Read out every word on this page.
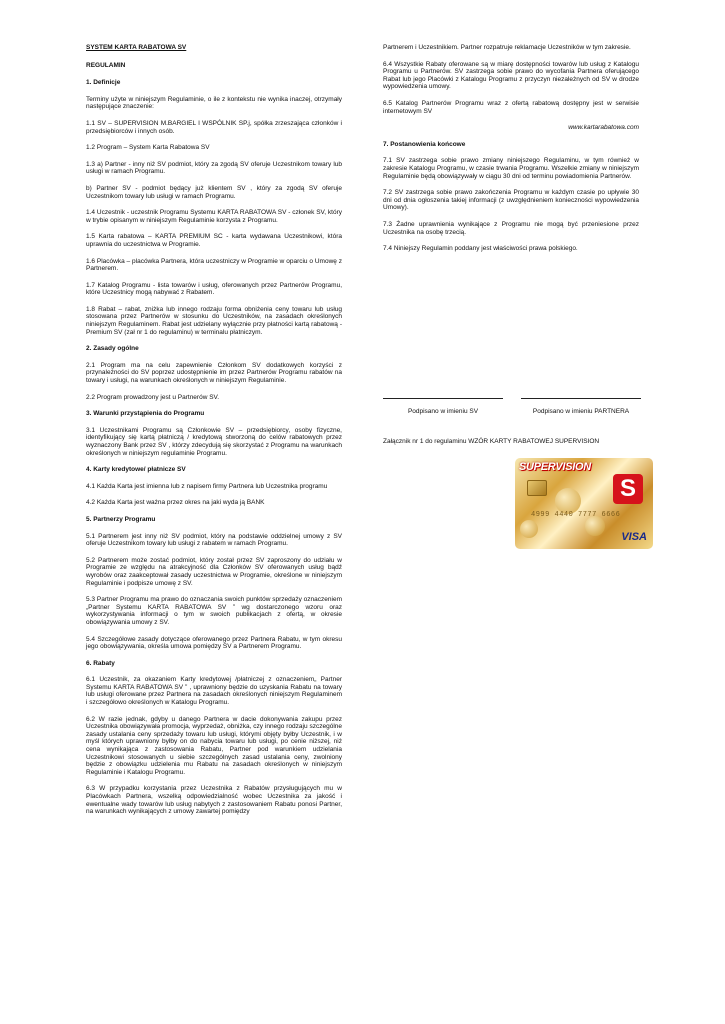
SYSTEM KARTA RABATOWA SV

REGULAMIN

1. Definicje

Terminy użyte w niniejszym Regulaminie, o ile z kontekstu nie wynika inaczej, otrzymały następujące znaczenie:

1.1 SV – SUPERVISION M.BARGIEL I WSPÓLNIK SP.j, spółka zrzeszająca członków i przedsiębiorców i innych osób.

1.2 Program – System Karta Rabatowa SV

1.3 a) Partner - inny niż SV podmiot, który za zgodą SV oferuje Uczestnikom towary lub usługi w ramach Programu.

b) Partner SV - podmiot będący już klientem SV , który za zgodą SV oferuje Uczestnikom towary lub usługi w ramach Programu.

1.4 Uczestnik - uczestnik Programu Systemu KARTA RABATOWA SV - członek SV, który w trybie opisanym w niniejszym Regulaminie korzysta z Programu.

1.5 Karta rabatowa – KARTA PREMIUM SC - karta wydawana Uczestnikowi, która uprawnia do uczestnictwa w Programie.

1.6 Placówka – placówka Partnera, która uczestniczy w Programie w oparciu o Umowę z Partnerem.

1.7 Katalog Programu - lista towarów i usług, oferowanych przez Partnerów Programu, które Uczestnicy mogą nabywać z Rabatem.

1.8 Rabat – rabat, zniżka lub innego rodzaju forma obniżenia ceny towaru lub usług stosowana przez Partnerów w stosunku do Uczestników, na zasadach określonych niniejszym Regulaminem. Rabat jest udzielany wyłącznie przy płatności kartą rabatową - Premium SV (zał nr 1 do regulaminu) w terminalu płatniczym.

2. Zasady ogólne

2.1 Program ma na celu zapewnienie Członkom SV dodatkowych korzyści z przynależności do SV poprzez udostępnienie im przez Partnerów Programu rabatów na towary i usługi, na warunkach określonych w niniejszym Regulaminie.

2.2 Program prowadzony jest u Partnerów SV.

3. Warunki przystąpienia do Programu

3.1 Uczestnikami Programu są Członkowie SV – przedsiębiorcy, osoby fizyczne, identyfikujący się kartą płatniczą / kredytową stworzoną do celów rabatowych przez wyznaczony Bank przez SV , którzy zdecydują się skorzystać z Programu na warunkach określonych w niniejszym regulaminie Programu.

4. Karty kredytowe/ płatnicze SV

4.1 Każda Karta jest imienna lub z napisem firmy Partnera lub Uczestnika programu

4.2 Każda Karta jest ważna przez okres na jaki wyda ją BANK

5. Partnerzy Programu

5.1 Partnerem jest inny niż SV podmiot, który na podstawie oddzielnej umowy z SV oferuje Uczestnikom towary lub usługi z rabatem w ramach Programu.

5.2 Partnerem może zostać podmiot, który został przez SV zaproszony do udziału w Programie ze względu na atrakcyjność dla Członków SV oferowanych usług bądź wyrobów oraz zaakceptował zasady uczestnictwa w Programie, określone w niniejszym Regulaminie i podpisze umowę z SV.

5.3 Partner Programu ma prawo do oznaczania swoich punktów sprzedaży oznaczeniem „Partner Systemu KARTA RABATOWA SV ” wg dostarczonego wzoru oraz wykorzystywania informacji o tym w swoich publikacjach z ofertą, w okresie obowiązywania umowy z SV.

5.4 Szczegółowe zasady dotyczące oferowanego przez Partnera Rabatu, w tym okresu jego obowiązywania, określa umowa pomiędzy SV a Partnerem Programu.

6. Rabaty

6.1 Uczestnik, za okazaniem Karty kredytowej /płatniczej z oznaczeniem„ Partner Systemu KARTA RABATOWA SV ” , uprawniony będzie do uzyskania Rabatu na towary lub usługi oferowane przez Partnera na zasadach określonych niniejszym Regulaminem i szczegółowo określonych w Katalogu Programu.

6.2 W razie jednak, gdyby u danego Partnera w dacie dokonywania zakupu przez Uczestnika obowiązywała promocja, wyprzedaż, obniżka, czy innego rodzaju szczególne zasady ustalania ceny sprzedaży towaru lub usługi, którymi objęty byłby Uczestnik, i w myśl których uprawniony byłby on do nabycia towaru lub usługi, po cenie niższej, niż cena wynikająca z zastosowania Rabatu, Partner pod warunkiem udzielania Uczestnikowi stosowanych u siebie szczególnych zasad ustalania ceny, zwolniony będzie z obowiązku udzielenia mu Rabatu na zasadach określonych w niniejszym Regulaminie i Katalogu Programu.

6.3 W przypadku korzystania przez Uczestnika z Rabatów przysługujących mu w Placówkach Partnera, wszelką odpowiedzialność wobec Uczestnika za jakość i ewentualne wady towarów lub usług nabytych z zastosowaniem Rabatu ponosi Partner, na warunkach wynikających z umowy zawartej pomiędzy

Partnerem i Uczestnikiem. Partner rozpatruje reklamacje Uczestników w tym zakresie.

6.4 Wszystkie Rabaty oferowane są w miarę dostępności towarów lub usług z Katalogu Programu u Partnerów. SV zastrzega sobie prawo do wycofania Partnera oferującego Rabat lub jego Placówki z Katalogu Programu z przyczyn niezależnych od SV w drodze wypowiedzenia umowy.

6.5 Katalog Partnerów Programu wraz z ofertą rabatową dostępny jest w serwisie internetowym SV

www.kartarabatowa.com

7. Postanowienia końcowe

7.1 SV zastrzega sobie prawo zmiany niniejszego Regulaminu, w tym również w zakresie Katalogu Programu, w czasie trwania Programu. Wszelkie zmiany w niniejszym Regulaminie będą obowiązywały w ciągu 30 dni od terminu powiadomienia Partnerów.

7.2 SV zastrzega sobie prawo zakończenia Programu w każdym czasie po upływie 30 dni od dnia ogłoszenia takiej informacji (z uwzględnieniem konieczności wypowiedzenia Umowy).

7.3 Żadne uprawnienia wynikające z Programu nie mogą być przeniesione przez Uczestnika na osobę trzecią.

7.4 Niniejszy Regulamin poddany jest właściwości prawa polskiego.

Podpisano w imieniu SV	Podpisano w imieniu PARTNERA
Załącznik nr 1 do regulaminu WZÓR KARTY RABATOWEJ SUPERVISION
SUPERVISION
S
4999 4440 7777 6666
VISA
